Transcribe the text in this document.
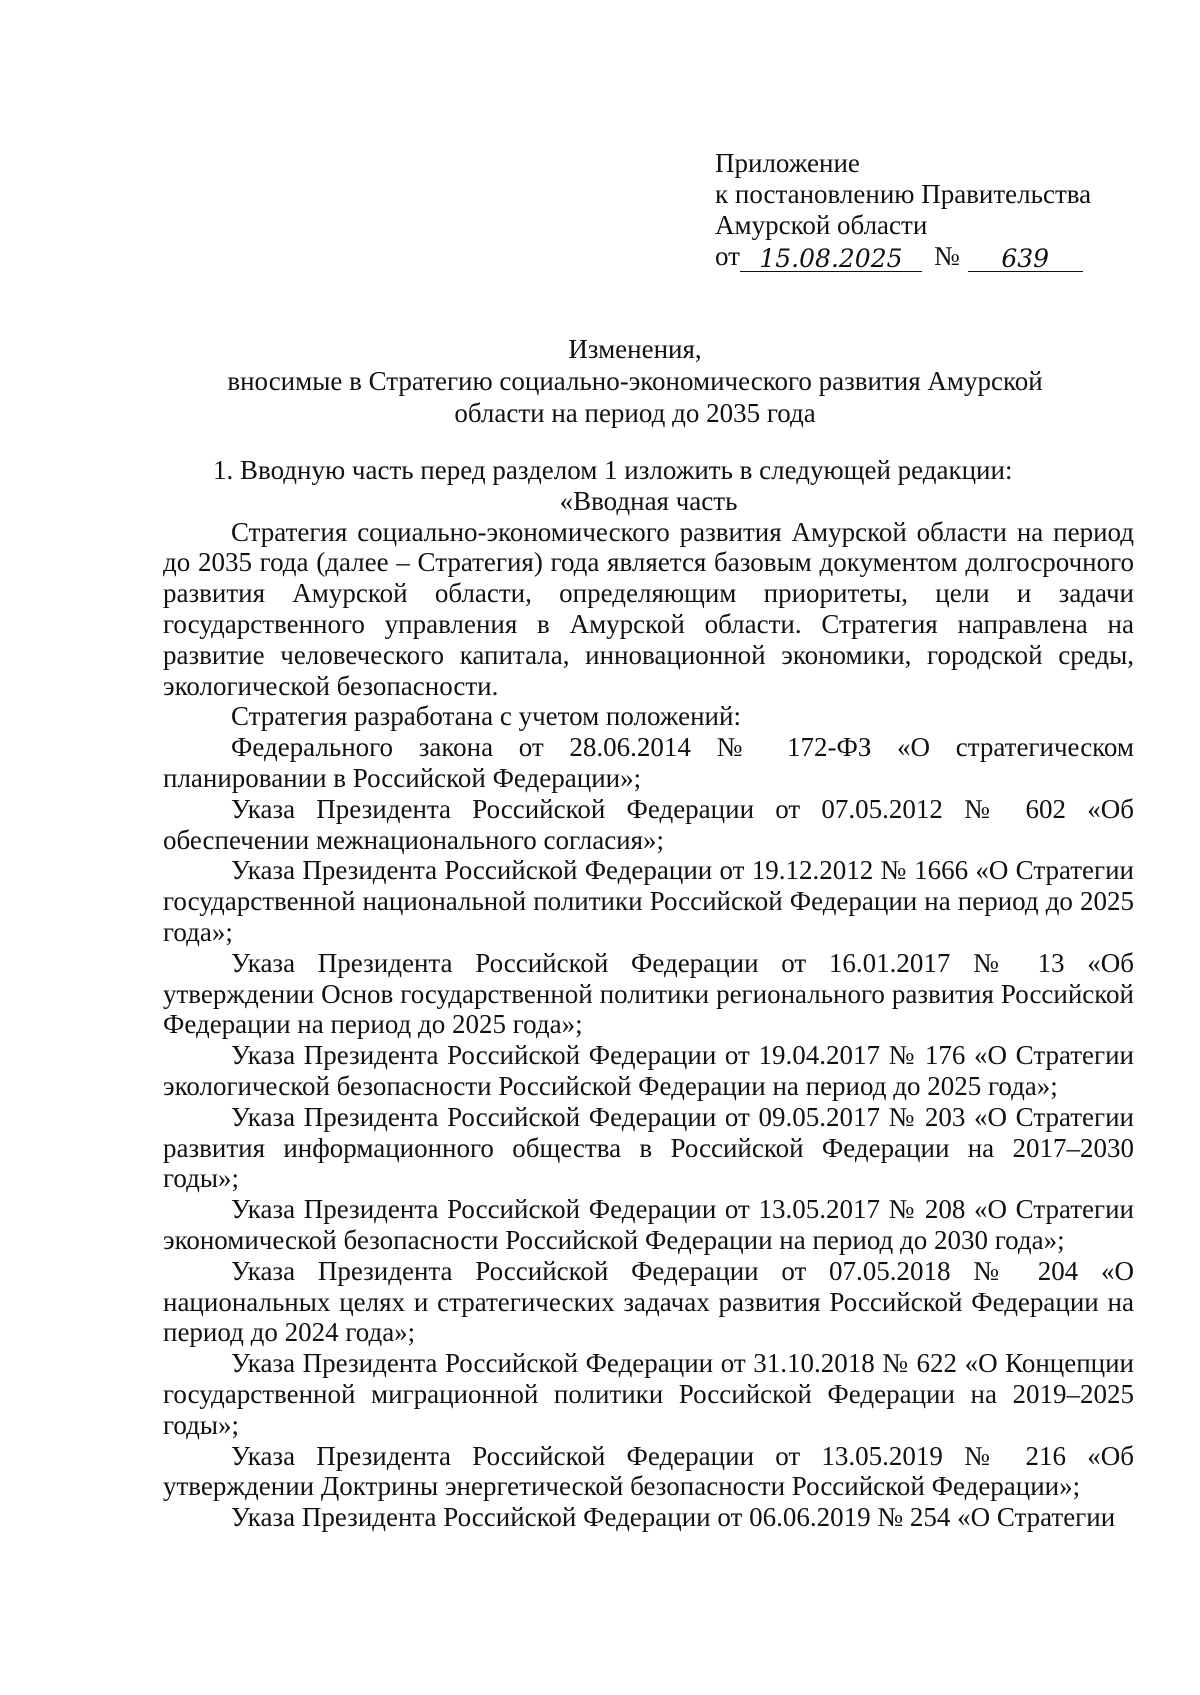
Приложение
к постановлению Правительства
Амурской области
от 15.08.2025	№	639
Изменения,
вносимые в Стратегию социально-экономического развития Амурской
области на период до 2035 года

1. Вводную часть перед разделом 1 изложить в следующей редакции:

«Вводная часть

Стратегия социально-экономического развития Амурской области на период до 2035 года (далее – Стратегия) года является базовым документом долгосрочного развития Амурской области, определяющим приоритеты, цели и задачи государственного управления в Амурской области. Стратегия направлена на развитие человеческого капитала, инновационной экономики, городской среды, экологической безопасности.

Стратегия разработана с учетом положений:

Федерального закона от 28.06.2014 № 172-ФЗ «О стратегическом планировании в Российской Федерации»;

Указа Президента Российской Федерации от 07.05.2012 № 602 «Об обеспечении межнационального согласия»;

Указа Президента Российской Федерации от 19.12.2012 № 1666 «О Стратегии государственной национальной политики Российской Федерации на период до 2025 года»;

Указа Президента Российской Федерации от 16.01.2017 № 13 «Об утверждении Основ государственной политики регионального развития Российской Федерации на период до 2025 года»;

Указа Президента Российской Федерации от 19.04.2017 № 176 «О Стратегии экологической безопасности Российской Федерации на период до 2025 года»;

Указа Президента Российской Федерации от 09.05.2017 № 203 «О Стратегии развития информационного общества в Российской Федерации на 2017–2030 годы»;

Указа Президента Российской Федерации от 13.05.2017 № 208 «О Стратегии экономической безопасности Российской Федерации на период до 2030 года»;

Указа Президента Российской Федерации от 07.05.2018 № 204 «О национальных целях и стратегических задачах развития Российской Федерации на период до 2024 года»;

Указа Президента Российской Федерации от 31.10.2018 № 622 «О Концепции государственной миграционной политики Российской Федерации на 2019–2025 годы»;

Указа Президента Российской Федерации от 13.05.2019 № 216 «Об утверждении Доктрины энергетической безопасности Российской Федерации»;

Указа Президента Российской Федерации от 06.06.2019 № 254 «О Стратегии
